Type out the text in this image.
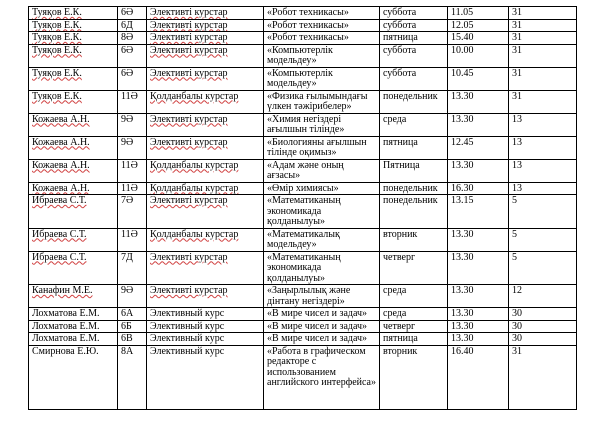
Туяқов Е.К.	6Ә	Элективті курстар	«Робот техникасы»	суббота	11.05	31
Туяқов Е.К.	6Д	Элективті курстар	«Робот техникасы»	суббота	12.05	31
Туяқов Е.К.	8Ә	Элективті курстар	«Робот техникасы»	пятница	15.40	31
Туяқов Е.К.	6Ә	Элективті курстар	«Компьютерлік модельдеу»	суббота	10.00	31
Туяқов Е.К.	6Ә	Элективті курстар	«Компьютерлік модельдеу»	суббота	10.45	31
Туяқов Е.К.	11Ә	Қолданбалы курстар	«Физика ғылымындағы үлкен тәжірибелер»	понедельник	13.30	31
Кожаева А.Н.	9Ә	Элективті курстар	«Химия негіздері ағылшын тілінде»	среда	13.30	13
Кожаева А.Н.	9Ә	Элективті курстар	«Биологияны ағылшын тілінде оқимыз»	пятница	12.45	13
Кожаева А.Н.	11Ә	Қолданбалы курстар	«Адам және оның ағзасы»	Пятница	13.30	13
Кожаева А.Н.	11Ә	Қолданбалы курстар	«Өмір химиясы»	понедельник	16.30	13
Ибраева С.Т.	7Ә	Элективті курстар	«Математиканың экономикада қолданылуы»	понедельник	13.15	5
Ибраева С.Т.	11Ә	Қолданбалы курстар	«Математикалық модельдеу»	вторник	13.30	5
Ибраева С.Т.	7Д	Элективті курстар	«Математиканың экономикада қолданылуы»	четверг	13.30	5
Канафин М.Е.	9Ә	Элективті курстар	«Заңырлылық және дінтану негіздері»	среда	13.30	12
Лохматова Е.М.	6А	Элективный курс	«В мире чисел и задач»	среда	13.30	30
Лохматова Е.М.	6Б	Элективный курс	«В мире чисел и задач»	четверг	13.30	30
Лохматова Е.М.	6В	Элективный курс	«В мире чисел и задач»	пятница	13.30	30
Смирнова Е.Ю.	8А	Элективный курс	«Работа в графическом редакторе с использованием английского интерфейса»	вторник	16.40	31
